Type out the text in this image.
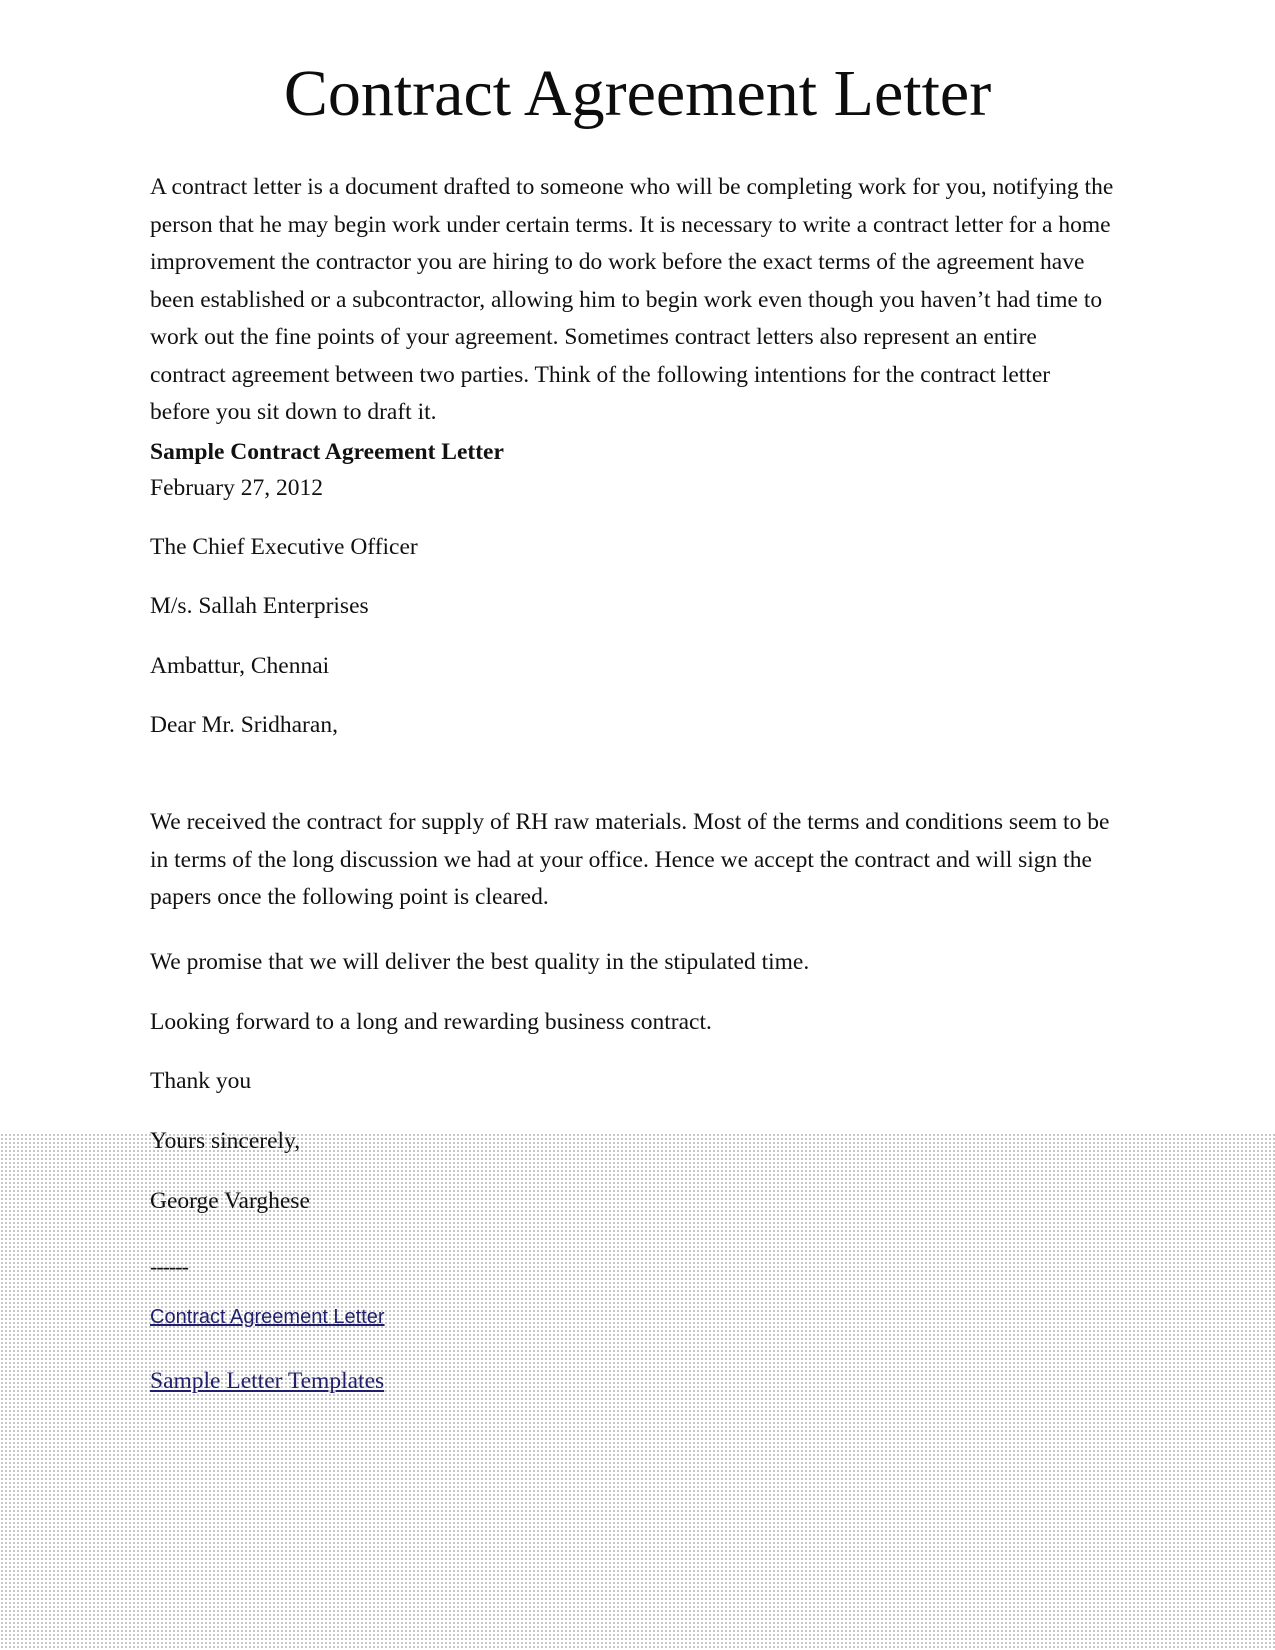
Contract Agreement Letter

A contract letter is a document drafted to someone who will be completing work for you, notifying the person that he may begin work under certain terms. It is necessary to write a contract letter for a home improvement the contractor you are hiring to do work before the exact terms of the agreement have been established or a subcontractor, allowing him to begin work even though you haven’t had time to work out the fine points of your agreement. Sometimes contract letters also represent an entire contract agreement between two parties. Think of the following intentions for the contract letter before you sit down to draft it.

Sample Contract Agreement Letter

February 27, 2012

The Chief Executive Officer

M/s. Sallah Enterprises

Ambattur, Chennai

Dear Mr. Sridharan,

We received the contract for supply of RH raw materials. Most of the terms and conditions seem to be in terms of the long discussion we had at your office. Hence we accept the contract and will sign the papers once the following point is cleared.

We promise that we will deliver the best quality in the stipulated time.

Looking forward to a long and rewarding business contract.

Thank you

Yours sincerely,

George Varghese

------

Contract Agreement Letter
Sample Letter Templates
